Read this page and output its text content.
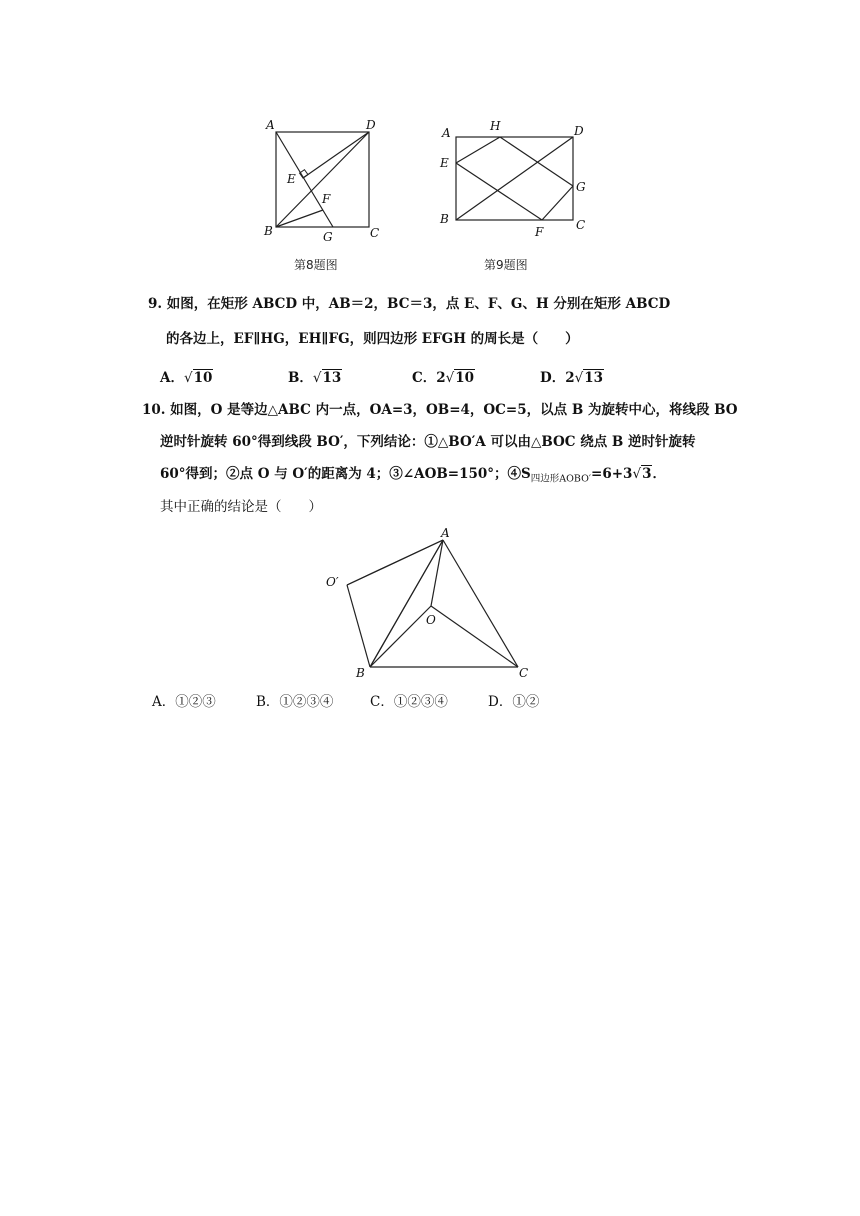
A	D
B	C
E
F
G
第8题图
A	H	D
E
G
B
F	C
第9题图
9. 如图，在矩形 ABCD 中，AB＝2，BC＝3，点 E、F、G、H 分别在矩形 ABCD
的各边上，EF∥HG，EH∥FG，则四边形 EFGH 的周长是（　　）
A．√10	B．√13	C．2√10	D．2√13
10. 如图，O 是等边△ABC 内一点，OA=3，OB=4，OC=5，以点 B 为旋转中心，将线段 BO
逆时针旋转 60°得到线段 BO′，下列结论：①△BO′A 可以由△BOC 绕点 B 逆时针旋转
60°得到；②点 O 与 O′的距离为 4；③∠AOB=150°；$④S_{四边形AOBO'}=6+3√3$．
其中正确的结论是（　　）
A
O′
O
B	C
A．①②③	B．①②③④	C．①②③④	D．①②
